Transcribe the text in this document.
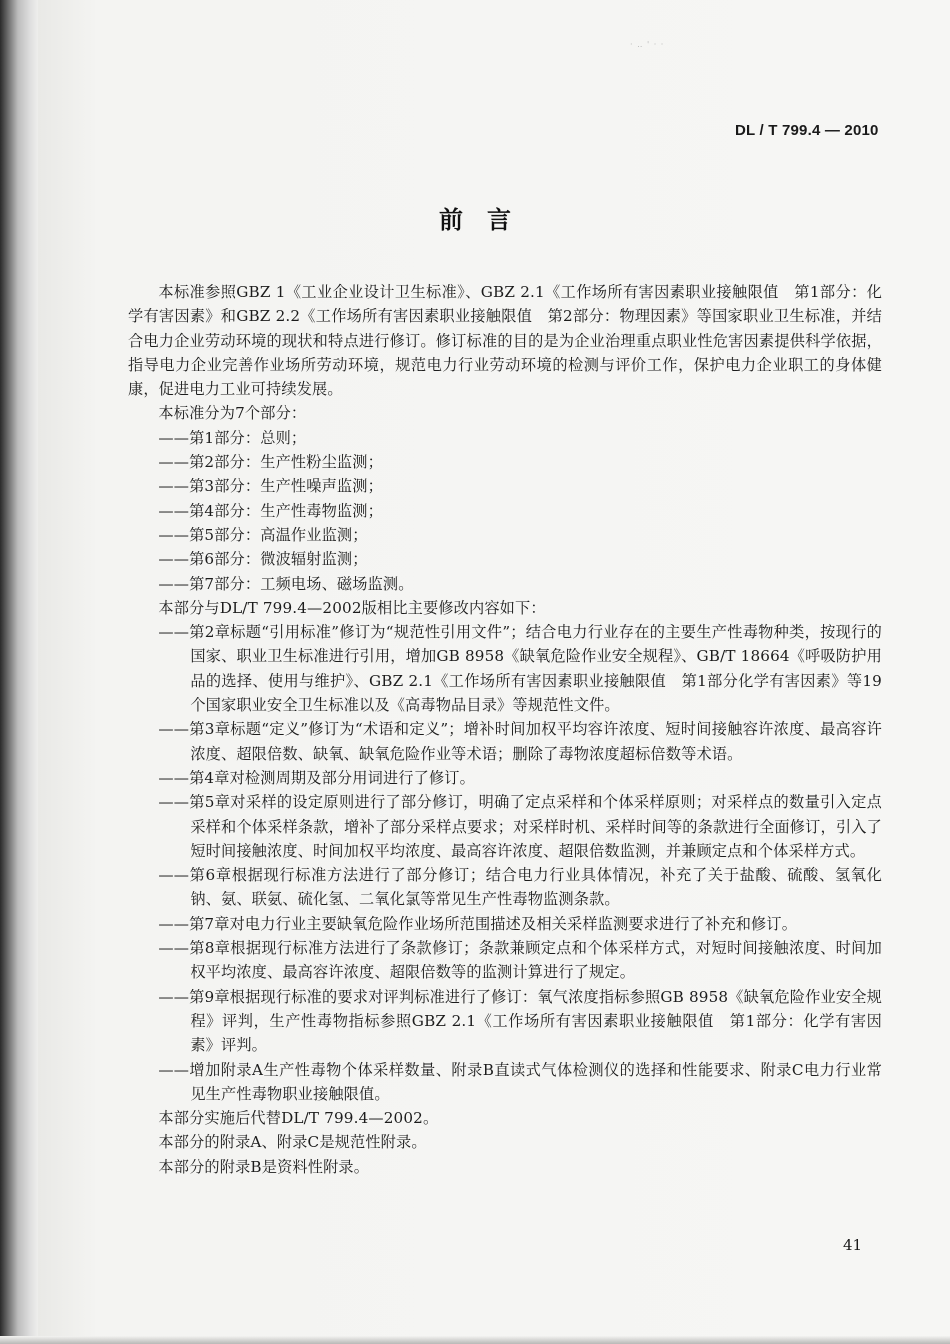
· ‥ ' · ·
DL / T 799.4 — 2010
前言

本标准参照GBZ 1《工业企业设计卫生标准》、GBZ 2.1《工作场所有害因素职业接触限值　第1部分：化学有害因素》和GBZ 2.2《工作场所有害因素职业接触限值　第2部分：物理因素》等国家职业卫生标准，并结合电力企业劳动环境的现状和特点进行修订。修订标准的目的是为企业治理重点职业性危害因素提供科学依据，指导电力企业完善作业场所劳动环境，规范电力行业劳动环境的检测与评价工作，保护电力企业职工的身体健康，促进电力工业可持续发展。

本标准分为7个部分：

——第1部分：总则；

——第2部分：生产性粉尘监测；

——第3部分：生产性噪声监测；

——第4部分：生产性毒物监测；

——第5部分：高温作业监测；

——第6部分：微波辐射监测；

——第7部分：工频电场、磁场监测。

本部分与DL/T 799.4—2002版相比主要修改内容如下：

——第2章标题“引用标准”修订为“规范性引用文件”；结合电力行业存在的主要生产性毒物种类，按现行的国家、职业卫生标准进行引用，增加GB 8958《缺氧危险作业安全规程》、GB/T 18664《呼吸防护用品的选择、使用与维护》、GBZ 2.1《工作场所有害因素职业接触限值　第1部分化学有害因素》等19个国家职业安全卫生标准以及《高毒物品目录》等规范性文件。

——第3章标题“定义”修订为“术语和定义”；增补时间加权平均容许浓度、短时间接触容许浓度、最高容许浓度、超限倍数、缺氧、缺氧危险作业等术语；删除了毒物浓度超标倍数等术语。

——第4章对检测周期及部分用词进行了修订。

——第5章对采样的设定原则进行了部分修订，明确了定点采样和个体采样原则；对采样点的数量引入定点采样和个体采样条款，增补了部分采样点要求；对采样时机、采样时间等的条款进行全面修订，引入了短时间接触浓度、时间加权平均浓度、最高容许浓度、超限倍数监测，并兼顾定点和个体采样方式。

——第6章根据现行标准方法进行了部分修订；结合电力行业具体情况，补充了关于盐酸、硫酸、氢氧化钠、氨、联氨、硫化氢、二氧化氯等常见生产性毒物监测条款。

——第7章对电力行业主要缺氧危险作业场所范围描述及相关采样监测要求进行了补充和修订。

——第8章根据现行标准方法进行了条款修订；条款兼顾定点和个体采样方式，对短时间接触浓度、时间加权平均浓度、最高容许浓度、超限倍数等的监测计算进行了规定。

——第9章根据现行标准的要求对评判标准进行了修订：氧气浓度指标参照GB 8958《缺氧危险作业安全规程》评判，生产性毒物指标参照GBZ 2.1《工作场所有害因素职业接触限值　第1部分：化学有害因素》评判。

——增加附录A生产性毒物个体采样数量、附录B直读式气体检测仪的选择和性能要求、附录C电力行业常见生产性毒物职业接触限值。

本部分实施后代替DL/T 799.4—2002。

本部分的附录A、附录C是规范性附录。

本部分的附录B是资料性附录。

41
